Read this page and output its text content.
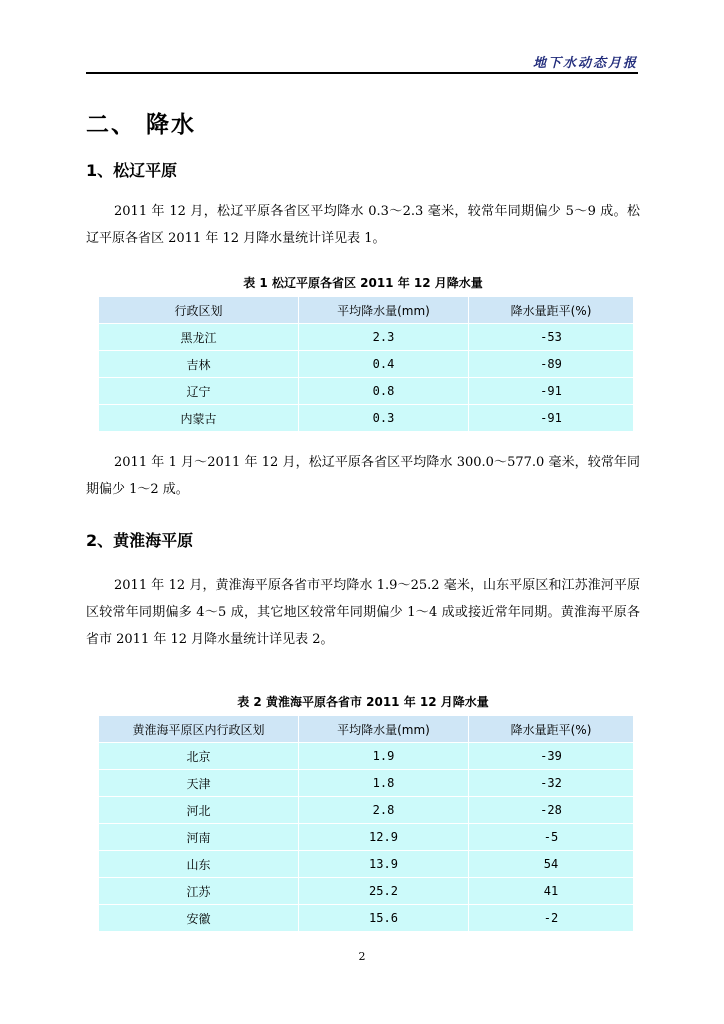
地下水动态月报
二、 降水
1、松辽平原

2011 年 12 月，松辽平原各省区平均降水 0.3～2.3 毫米，较常年同期偏少 5～9 成。松辽平原各省区 2011 年 12 月降水量统计详见表 1。

表 1 松辽平原各省区 2011 年 12 月降水量
行政区划	平均降水量(mm)	降水量距平(%)
黑龙江	2.3	-53
吉林	0.4	-89
辽宁	0.8	-91
内蒙古	0.3	-91

2011 年 1 月～2011 年 12 月，松辽平原各省区平均降水 300.0～577.0 毫米，较常年同期偏少 1～2 成。

2、黄淮海平原

2011 年 12 月，黄淮海平原各省市平均降水 1.9～25.2 毫米，山东平原区和江苏淮河平原区较常年同期偏多 4～5 成，其它地区较常年同期偏少 1～4 成或接近常年同期。黄淮海平原各省市 2011 年 12 月降水量统计详见表 2。

表 2 黄淮海平原各省市 2011 年 12 月降水量
黄淮海平原区内行政区划	平均降水量(mm)	降水量距平(%)
北京	1.9	-39
天津	1.8	-32
河北	2.8	-28
河南	12.9	-5
山东	13.9	54
江苏	25.2	41
安徽	15.6	-2
2
